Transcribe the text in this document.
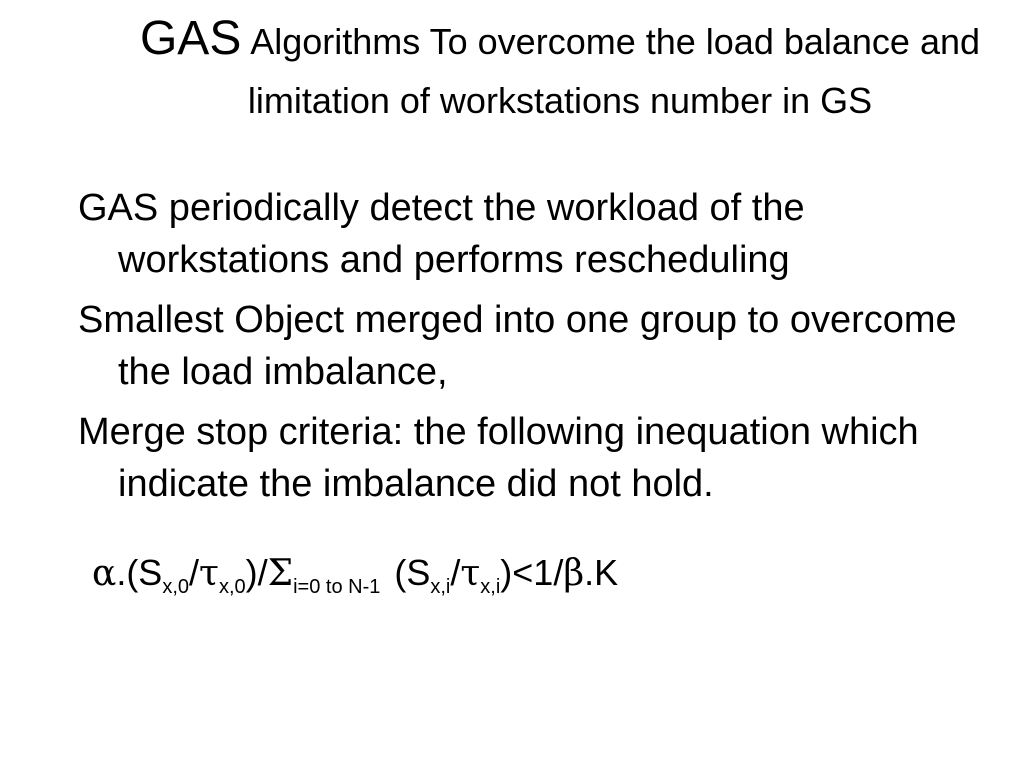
GAS Algorithms To overcome the load balance and limitation of workstations number in GS
GAS periodically detect the workload of the workstations and performs rescheduling
Smallest Object merged into one group to overcome the load imbalance,
Merge stop criteria: the following inequation which indicate the imbalance did not hold.
$\alpha.(S_{x,0}/\tau_{x,0})/\Sigma_{i=0 to N-1}$ $(S_{x,i}/\tau_{x,i})<1/\beta.K$
